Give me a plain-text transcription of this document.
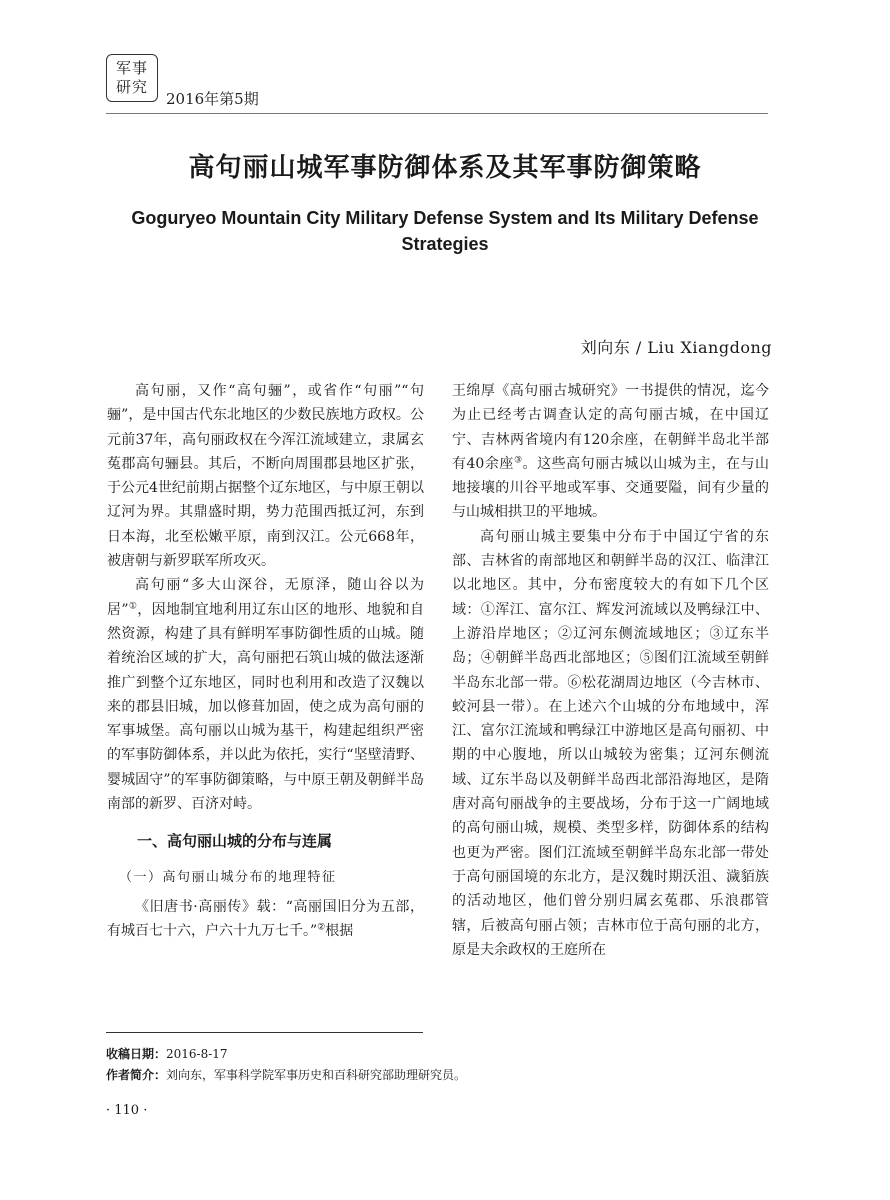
军事
研究
2016年第5期
高句丽山城军事防御体系及其军事防御策略
Goguryeo Mountain City Military Defense System and Its Military Defense Strategies
刘向东 / Liu Xiangdong

高句丽，又作“高句骊”，或省作“句丽”“句骊”，是中国古代东北地区的少数民族地方政权。公元前37年，高句丽政权在今浑江流域建立，隶属玄菟郡高句骊县。其后，不断向周围郡县地区扩张，于公元4世纪前期占据整个辽东地区，与中原王朝以辽河为界。其鼎盛时期，势力范围西抵辽河，东到日本海，北至松嫩平原，南到汉江。公元668年，被唐朝与新罗联军所攻灭。

高句丽“多大山深谷，无原泽，随山谷以为居”①，因地制宜地利用辽东山区的地形、地貌和自然资源，构建了具有鲜明军事防御性质的山城。随着统治区域的扩大，高句丽把石筑山城的做法逐渐推广到整个辽东地区，同时也利用和改造了汉魏以来的郡县旧城，加以修葺加固，使之成为高句丽的军事城堡。高句丽以山城为基干，构建起组织严密的军事防御体系，并以此为依托，实行“坚壁清野、婴城固守”的军事防御策略，与中原王朝及朝鲜半岛南部的新罗、百济对峙。

一、高句丽山城的分布与连属
（一）高句丽山城分布的地理特征

《旧唐书·高丽传》载：“高丽国旧分为五部，有城百七十六，户六十九万七千。”②根据

王绵厚《高句丽古城研究》一书提供的情况，迄今为止已经考古调查认定的高句丽古城，在中国辽宁、吉林两省境内有120余座，在朝鲜半岛北半部有40余座③。这些高句丽古城以山城为主，在与山地接壤的川谷平地或军事、交通要隘，间有少量的与山城相拱卫的平地城。

高句丽山城主要集中分布于中国辽宁省的东部、吉林省的南部地区和朝鲜半岛的汉江、临津江以北地区。其中，分布密度较大的有如下几个区域：①浑江、富尔江、辉发河流域以及鸭绿江中、上游沿岸地区；②辽河东侧流域地区；③辽东半岛；④朝鲜半岛西北部地区；⑤图们江流域至朝鲜半岛东北部一带。⑥松花湖周边地区（今吉林市、蛟河县一带）。在上述六个山城的分布地域中，浑江、富尔江流域和鸭绿江中游地区是高句丽初、中期的中心腹地，所以山城较为密集；辽河东侧流域、辽东半岛以及朝鲜半岛西北部沿海地区，是隋唐对高句丽战争的主要战场，分布于这一广阔地域的高句丽山城，规模、类型多样，防御体系的结构也更为严密。图们江流域至朝鲜半岛东北部一带处于高句丽国境的东北方，是汉魏时期沃沮、濊貊族的活动地区，他们曾分别归属玄菟郡、乐浪郡管辖，后被高句丽占领；吉林市位于高句丽的北方，原是夫余政权的王庭所在

收稿日期：2016-8-17
作者简介：刘向东，军事科学院军事历史和百科研究部助理研究员。
· 110 ·
